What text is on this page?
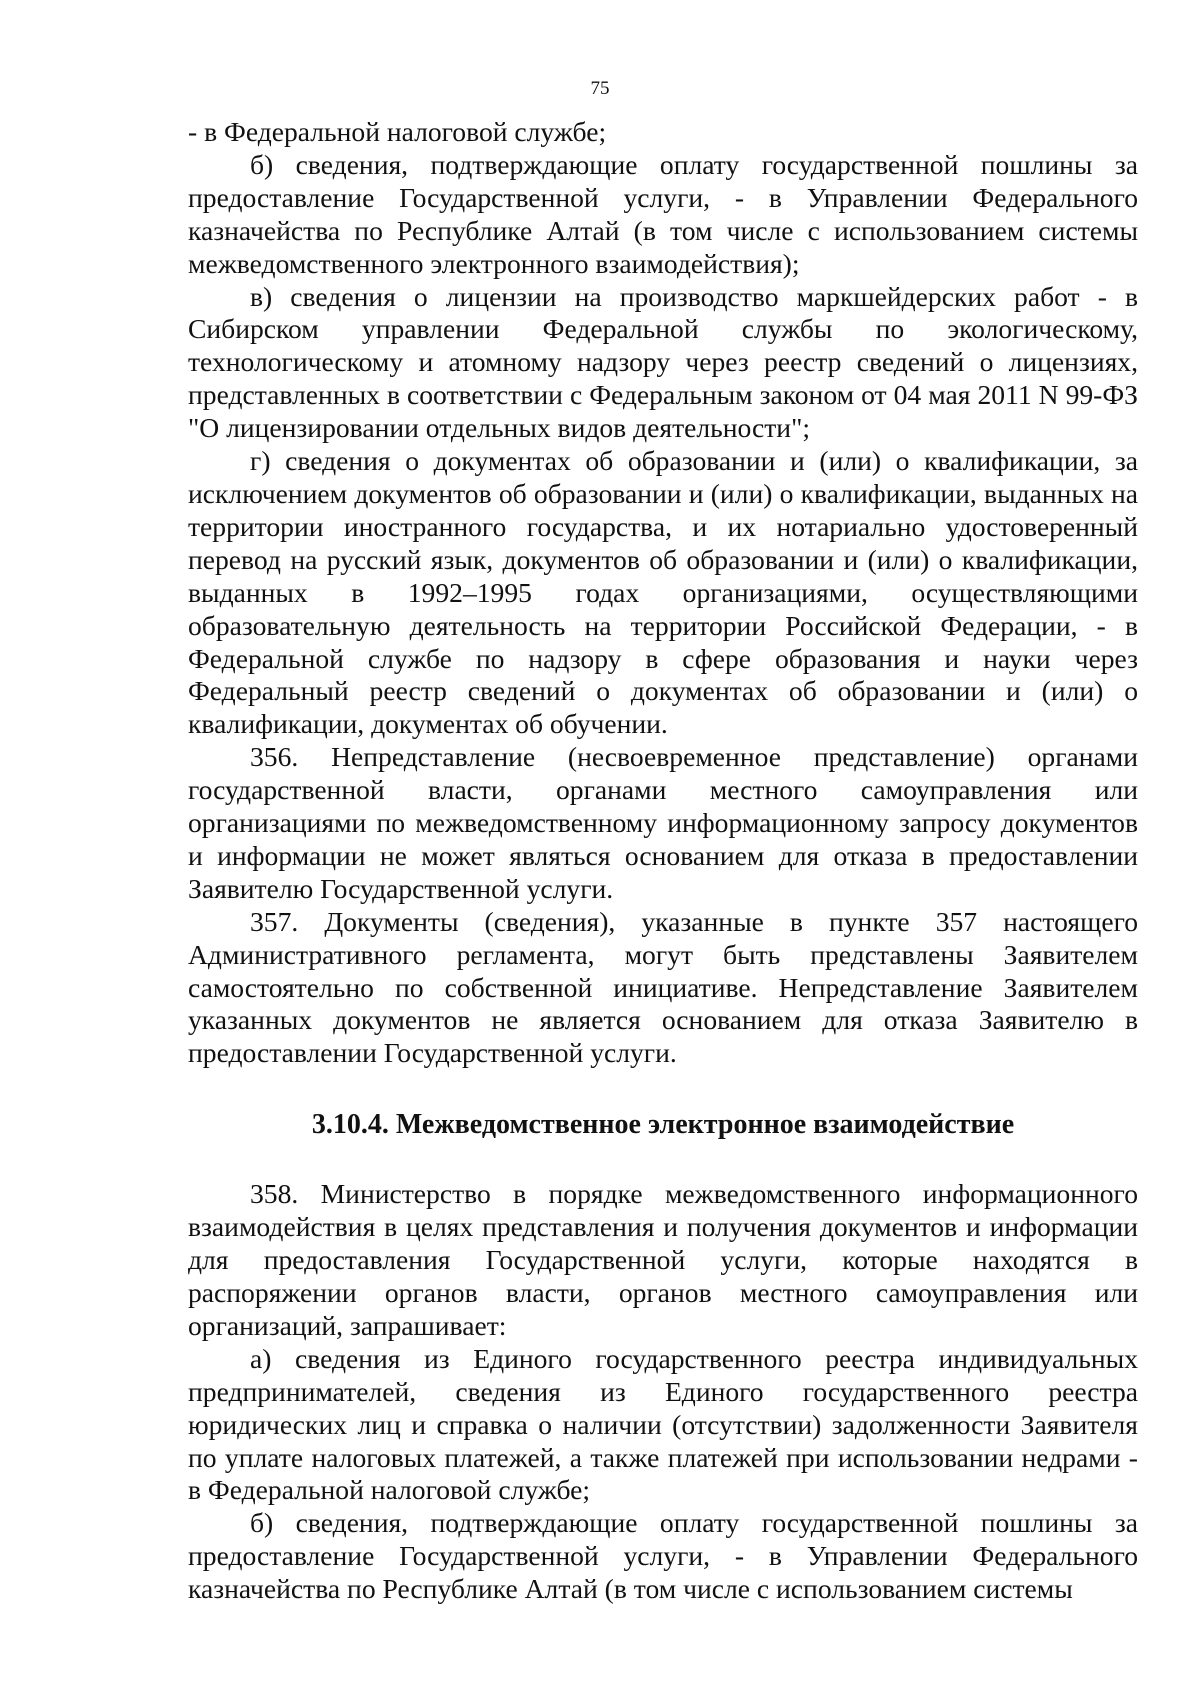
75

- в Федеральной налоговой службе;

б) сведения, подтверждающие оплату государственной пошлины за предоставление Государственной услуги, - в Управлении Федерального казначейства по Республике Алтай (в том числе с использованием системы межведомственного электронного взаимодействия);

в) сведения о лицензии на производство маркшейдерских работ - в Сибирском управлении Федеральной службы по экологическому, технологическому и атомному надзору через реестр сведений о лицензиях, представленных в соответствии с Федеральным законом от 04 мая 2011 N 99-ФЗ "О лицензировании отдельных видов деятельности";

г) сведения о документах об образовании и (или) о квалификации, за исключением документов об образовании и (или) о квалификации, выданных на территории иностранного государства, и их нотариально удостоверенный перевод на русский язык, документов об образовании и (или) о квалификации, выданных в 1992–1995 годах организациями, осуществляющими образовательную деятельность на территории Российской Федерации, - в Федеральной службе по надзору в сфере образования и науки через Федеральный реестр сведений о документах об образовании и (или) о квалификации, документах об обучении.

356. Непредставление (несвоевременное представление) органами государственной власти, органами местного самоуправления или организациями по межведомственному информационному запросу документов и информации не может являться основанием для отказа в предоставлении Заявителю Государственной услуги.

357. Документы (сведения), указанные в пункте 357 настоящего Административного регламента, могут быть представлены Заявителем самостоятельно по собственной инициативе. Непредставление Заявителем указанных документов не является основанием для отказа Заявителю в предоставлении Государственной услуги.

3.10.4. Межведомственное электронное взаимодействие

358. Министерство в порядке межведомственного информационного взаимодействия в целях представления и получения документов и информации для предоставления Государственной услуги, которые находятся в распоряжении органов власти, органов местного самоуправления или организаций, запрашивает:

а) сведения из Единого государственного реестра индивидуальных предпринимателей, сведения из Единого государственного реестра юридических лиц и справка о наличии (отсутствии) задолженности Заявителя по уплате налоговых платежей, а также платежей при использовании недрами - в Федеральной налоговой службе;

б) сведения, подтверждающие оплату государственной пошлины за предоставление Государственной услуги, - в Управлении Федерального казначейства по Республике Алтай (в том числе с использованием системы
